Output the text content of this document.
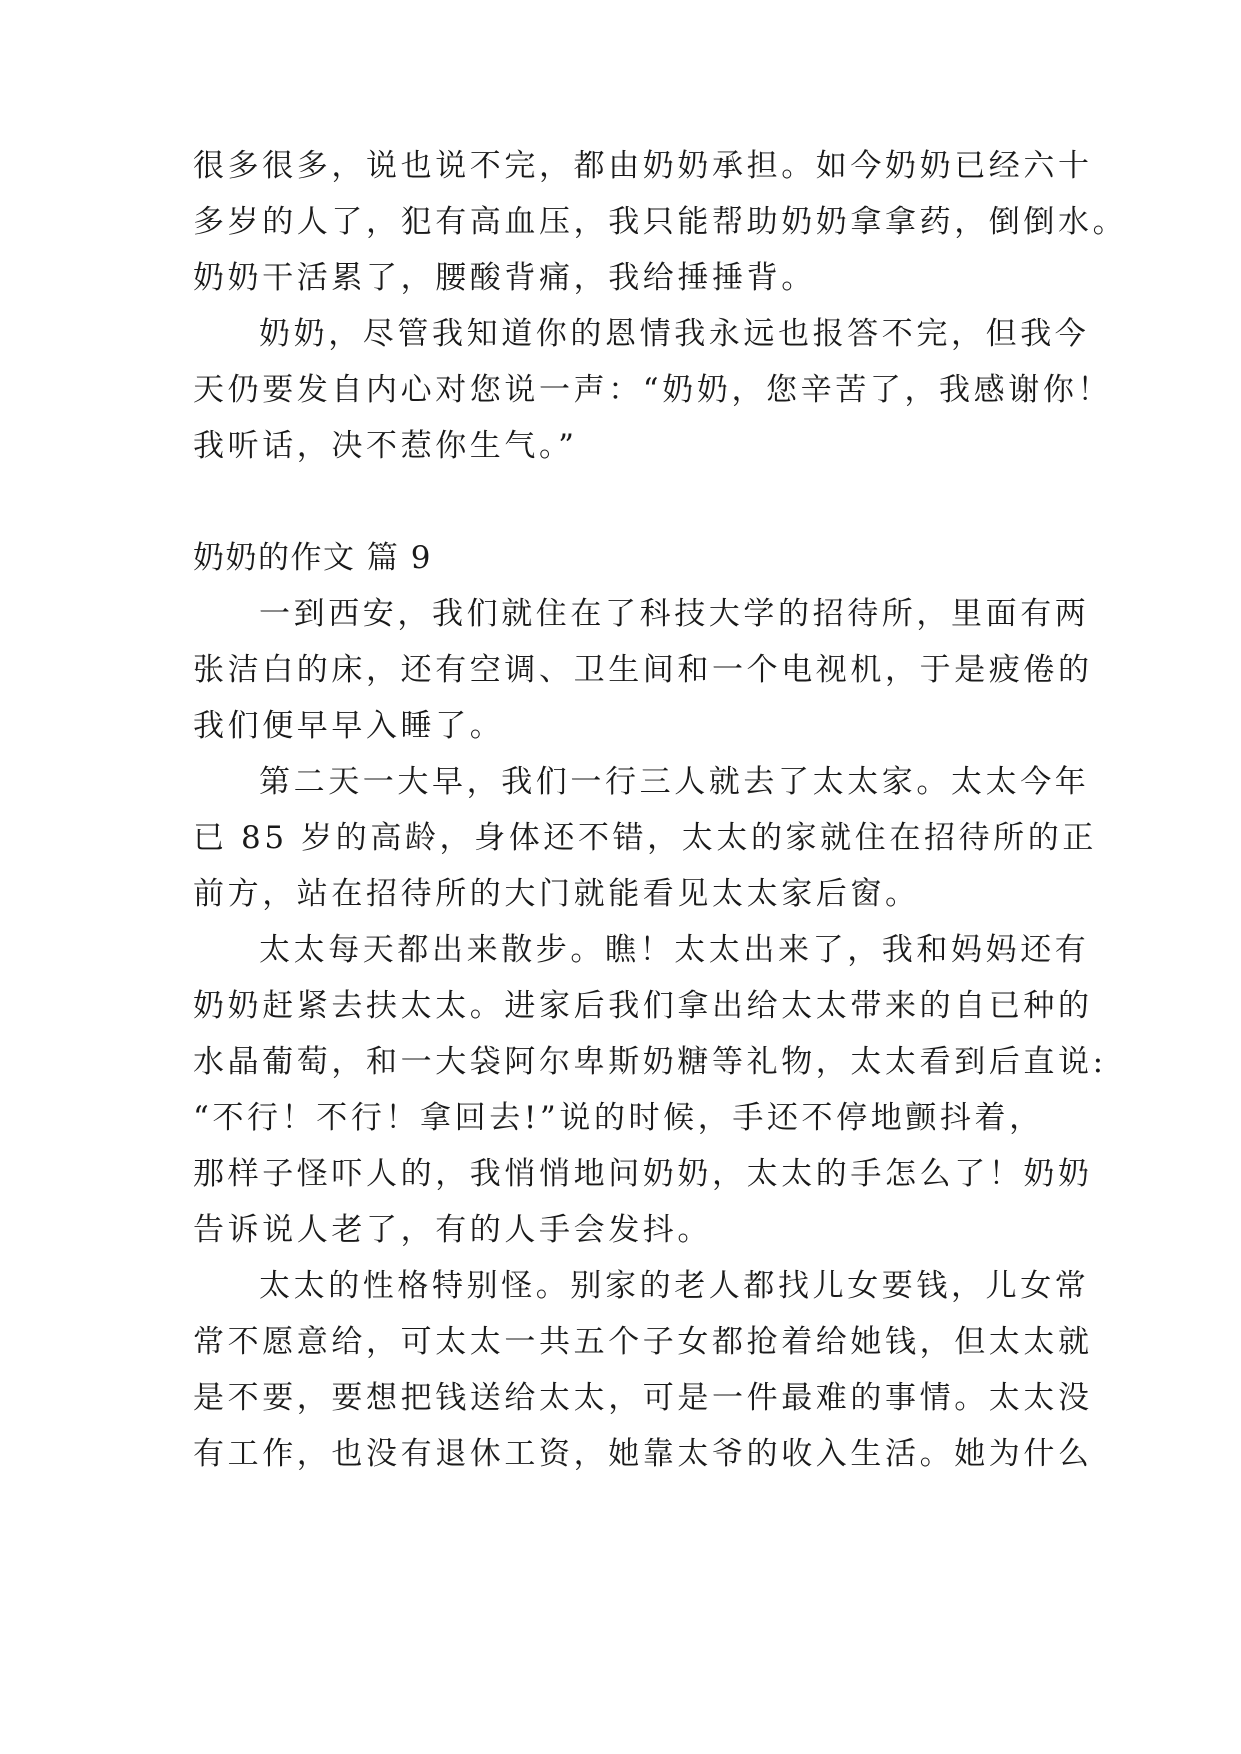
很多很多，说也说不完，都由奶奶承担。如今奶奶已经六十
多岁的人了，犯有高血压，我只能帮助奶奶拿拿药，倒倒水。
奶奶干活累了，腰酸背痛，我给捶捶背。
奶奶，尽管我知道你的恩情我永远也报答不完，但我今
天仍要发自内心对您说一声：“奶奶，您辛苦了，我感谢你！
我听话，决不惹你生气。”
奶奶的作文 篇 9
一到西安，我们就住在了科技大学的招待所，里面有两
张洁白的床，还有空调、卫生间和一个电视机，于是疲倦的
我们便早早入睡了。
第二天一大早，我们一行三人就去了太太家。太太今年
已 85 岁的高龄，身体还不错，太太的家就住在招待所的正
前方，站在招待所的大门就能看见太太家后窗。
太太每天都出来散步。瞧！太太出来了，我和妈妈还有
奶奶赶紧去扶太太。进家后我们拿出给太太带来的自已种的
水晶葡萄，和一大袋阿尔卑斯奶糖等礼物，太太看到后直说:
“不行！不行！拿回去!”说的时候，手还不停地颤抖着，
那样子怪吓人的，我悄悄地问奶奶，太太的手怎么了！奶奶
告诉说人老了，有的人手会发抖。
太太的性格特别怪。别家的老人都找儿女要钱，儿女常
常不愿意给，可太太一共五个子女都抢着给她钱，但太太就
是不要，要想把钱送给太太，可是一件最难的事情。太太没
有工作，也没有退休工资，她靠太爷的收入生活。她为什么
